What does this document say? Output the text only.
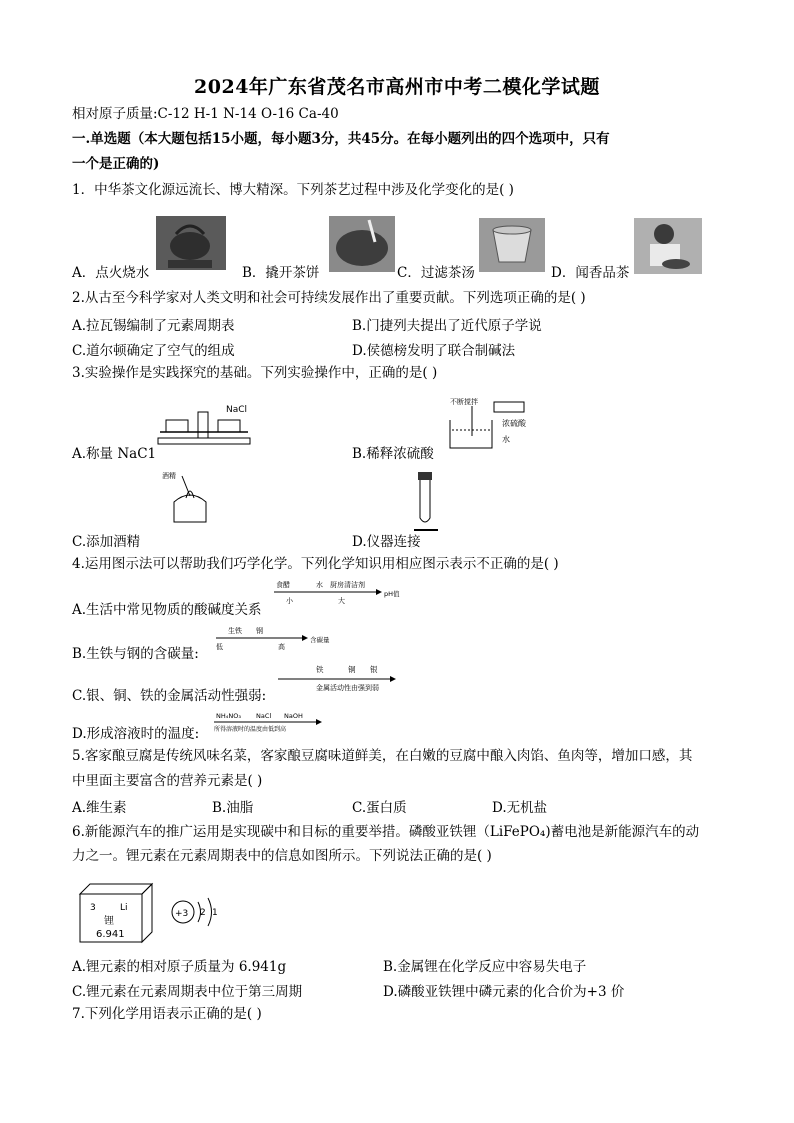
2024年广东省茂名市高州市中考二模化学试题
相对原子质量:C-12 H-1 N-14 O-16 Ca-40
一.单选题（本大题包括15小题，每小题3分，共45分。在每小题列出的四个选项中，只有
一个是正确的)
1．中华茶文化源远流长、博大精深。下列茶艺过程中涉及化学变化的是( )
A．点火烧水	B．撬开茶饼	C．过滤茶汤	D．闻香品茶
2.从古至今科学家对人类文明和社会可持续发展作出了重要贡献。下列选项正确的是( )
A.拉瓦锡编制了元素周期表	B.门捷列夫提出了近代原子学说
C.道尔顿确定了空气的组成	D.侯德榜发明了联合制碱法
3.实验操作是实践探究的基础。下列实验操作中，正确的是( )
NaCl
不断搅拌
浓硫酸
水
A.称量 NaC1	B.稀释浓硫酸
酒精
C.添加酒精	D.仪器连接
4.运用图示法可以帮助我们巧学化学。下列化学知识用相应图示表示不正确的是( )
食醋	水 厨房清洁剂
小	大
pH值
A.生活中常见物质的酸碱度关系
生铁 钢
低	高
含碳量
B.生铁与钢的含碳量:
铁	铜 银
金属活动性由强到弱
C.银、铜、铁的金属活动性强弱:
NH₄NO₃ NaCl NaOH
所得溶液时的温度由低到高
D.形成溶液时的温度:
5.客家酿豆腐是传统风味名菜，客家酿豆腐味道鲜美，在白嫩的豆腐中酿入肉馅、鱼肉等，增加口感，其
中里面主要富含的营养元素是( )
A.维生素	B.油脂	C.蛋白质	D.无机盐
6.新能源汽车的推广运用是实现碳中和目标的重要举措。磷酸亚铁锂（LiFePO₄)蓄电池是新能源汽车的动
力之一。锂元素在元素周期表中的信息如图所示。下列说法正确的是( )
3	Li
锂
6.941
+3 2 1
A.锂元素的相对原子质量为 6.941g	B.金属锂在化学反应中容易失电子
C.锂元素在元素周期表中位于第三周期	D.磷酸亚铁锂中磷元素的化合价为+3 价
7.下列化学用语表示正确的是( )
